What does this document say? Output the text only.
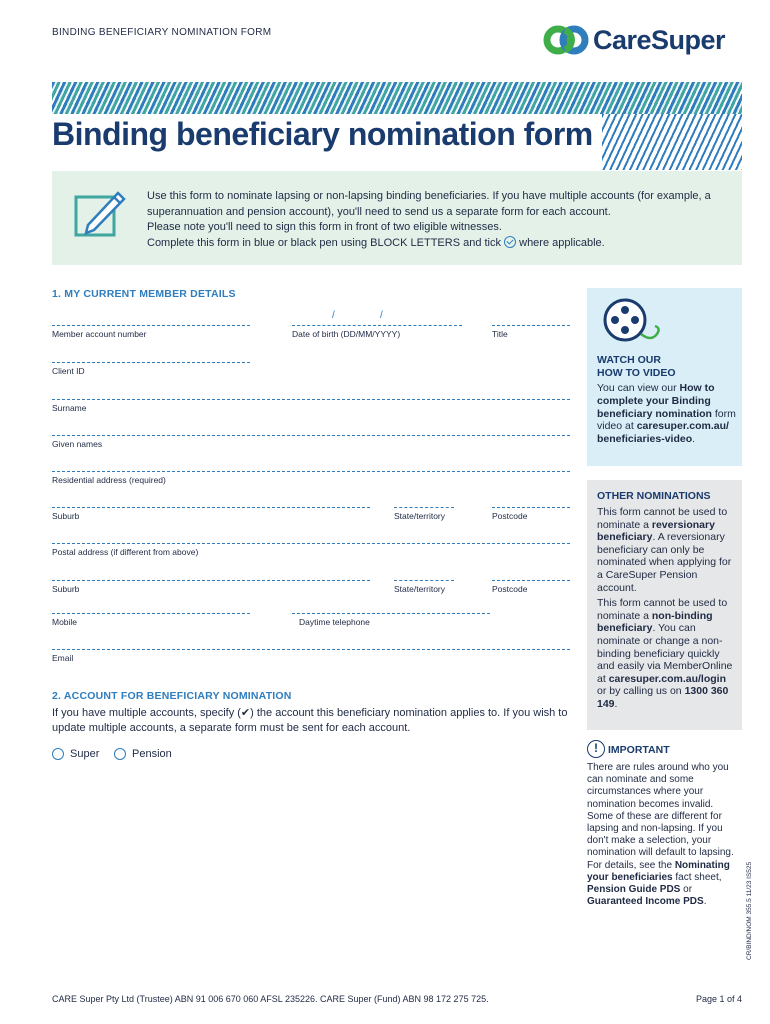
BINDING BENEFICIARY NOMINATION FORM	CareSuper
Binding beneficiary nomination form
Use this form to nominate lapsing or non-lapsing binding beneficiaries. If you have multiple accounts (for example, a superannuation and pension account), you'll need to send us a separate form for each account.
Please note you'll need to sign this form in front of two eligible witnesses.
Complete this form in blue or black pen using BLOCK LETTERS and tick where applicable.
1. MY CURRENT MEMBER DETAILS
Member account number
/	/
Date of birth (DD/MM/YYYY)	Title
Client ID
Surname
Given names
Residential address (required)
Suburb	State/territory	Postcode
Postal address (if different from above)
Suburb	State/territory	Postcode
Mobile	Daytime telephone
Email
2. ACCOUNT FOR BENEFICIARY NOMINATION
If you have multiple accounts, specify (✔) the account this beneficiary nomination applies to. If you wish to update multiple accounts, a separate form must be sent for each account.
Super	Pension
WATCH OUR
HOW TO VIDEO
You can view our How to complete your Binding beneficiary nomination form video at caresuper.com.au/ beneficiaries-video.
OTHER NOMINATIONS
This form cannot be used to nominate a reversionary beneficiary. A reversionary beneficiary can only be nominated when applying for a CareSuper Pension account.
This form cannot be used to nominate a non-binding beneficiary. You can nominate or change a non-binding beneficiary quickly and easily via MemberOnline at caresuper.com.au/login or by calling us on 1300 360 149.
! IMPORTANT
There are rules around who you can nominate and some circumstances where your nomination becomes invalid. Some of these are different for lapsing and non-lapsing. If you don't make a selection, your nomination will default to lapsing. For details, see the Nominating your beneficiaries fact sheet, Pension Guide PDS or Guaranteed Income PDS.	CR/BIND/NOM 355.5 11/23 IS525
CARE Super Pty Ltd (Trustee) ABN 91 006 670 060 AFSL 235226. CARE Super (Fund) ABN 98 172 275 725.	Page 1 of 4
